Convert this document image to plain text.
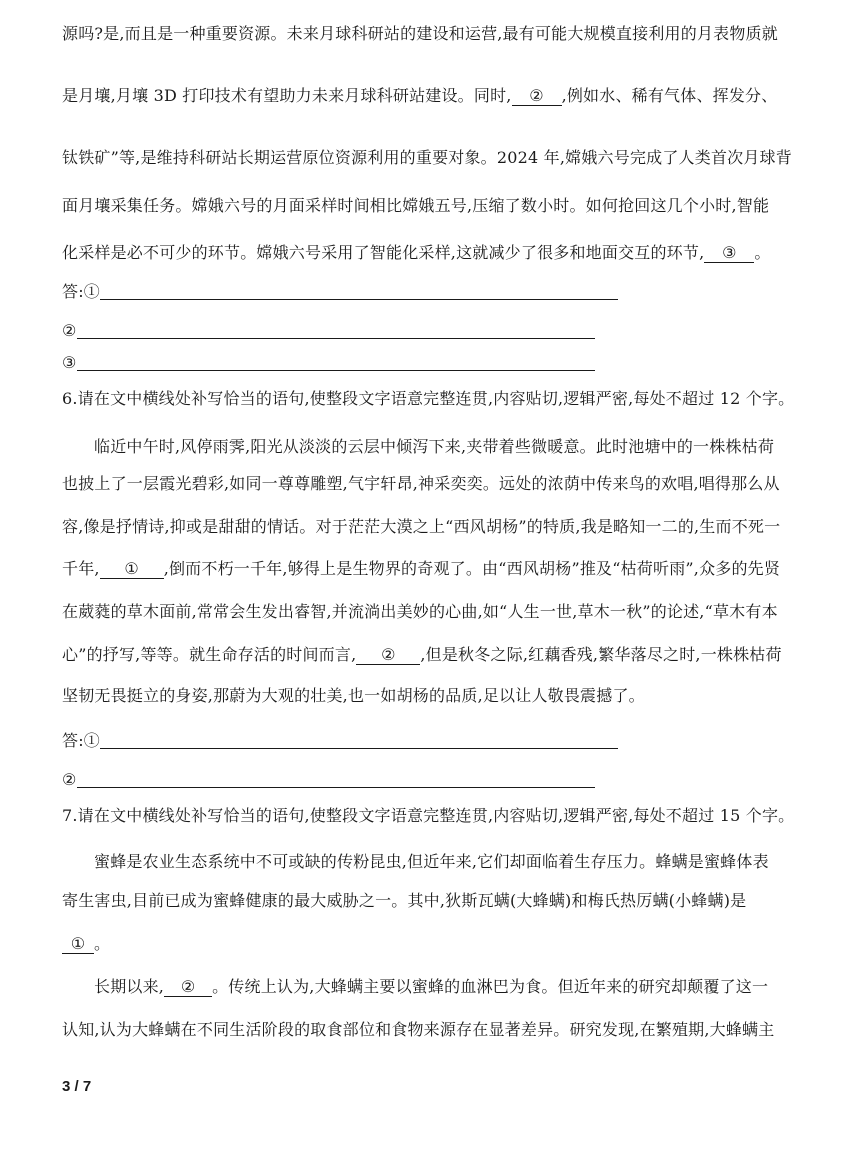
源吗?是,而且是一种重要资源。未来月球科研站的建设和运营,最有可能大规模直接利用的月表物质就
是月壤,月壤 3D 打印技术有望助力未来月球科研站建设。同时, ② ,例如水、稀有气体、挥发分、
钛铁矿”等,是维持科研站长期运营原位资源利用的重要对象。2024 年,嫦娥六号完成了人类首次月球背
面月壤采集任务。嫦娥六号的月面采样时间相比嫦娥五号,压缩了数小时。如何抢回这几个小时,智能
化采样是必不可少的环节。嫦娥六号采用了智能化采样,这就减少了很多和地面交互的环节, ③ 。
答:①
②
③
6.请在文中横线处补写恰当的语句,使整段文字语意完整连贯,内容贴切,逻辑严密,每处不超过 12 个字。
临近中午时,风停雨霁,阳光从淡淡的云层中倾泻下来,夹带着些微暖意。此时池塘中的一株株枯荷
也披上了一层霞光碧彩,如同一尊尊雕塑,气宇轩昂,神采奕奕。远处的浓荫中传来鸟的欢唱,唱得那么从
容,像是抒情诗,抑或是甜甜的情话。对于茫茫大漠之上“西风胡杨”的特质,我是略知一二的,生而不死一
千年, ① ,倒而不朽一千年,够得上是生物界的奇观了。由“西风胡杨”推及“枯荷听雨”,众多的先贤
在葳蕤的草木面前,常常会生发出睿智,并流淌出美妙的心曲,如“人生一世,草木一秋”的论述,“草木有本
心”的抒写,等等。就生命存活的时间而言, ② ,但是秋冬之际,红藕香残,繁华落尽之时,一株株枯荷
坚韧无畏挺立的身姿,那蔚为大观的壮美,也一如胡杨的品质,足以让人敬畏震撼了。
答:①
②
7.请在文中横线处补写恰当的语句,使整段文字语意完整连贯,内容贴切,逻辑严密,每处不超过 15 个字。
蜜蜂是农业生态系统中不可或缺的传粉昆虫,但近年来,它们却面临着生存压力。蜂螨是蜜蜂体表
寄生害虫,目前已成为蜜蜂健康的最大威胁之一。其中,狄斯瓦螨(大蜂螨)和梅氏热厉螨(小蜂螨)是
① 。
长期以来, ② 。传统上认为,大蜂螨主要以蜜蜂的血淋巴为食。但近年来的研究却颠覆了这一
认知,认为大蜂螨在不同生活阶段的取食部位和食物来源存在显著差异。研究发现,在繁殖期,大蜂螨主
3 / 7
